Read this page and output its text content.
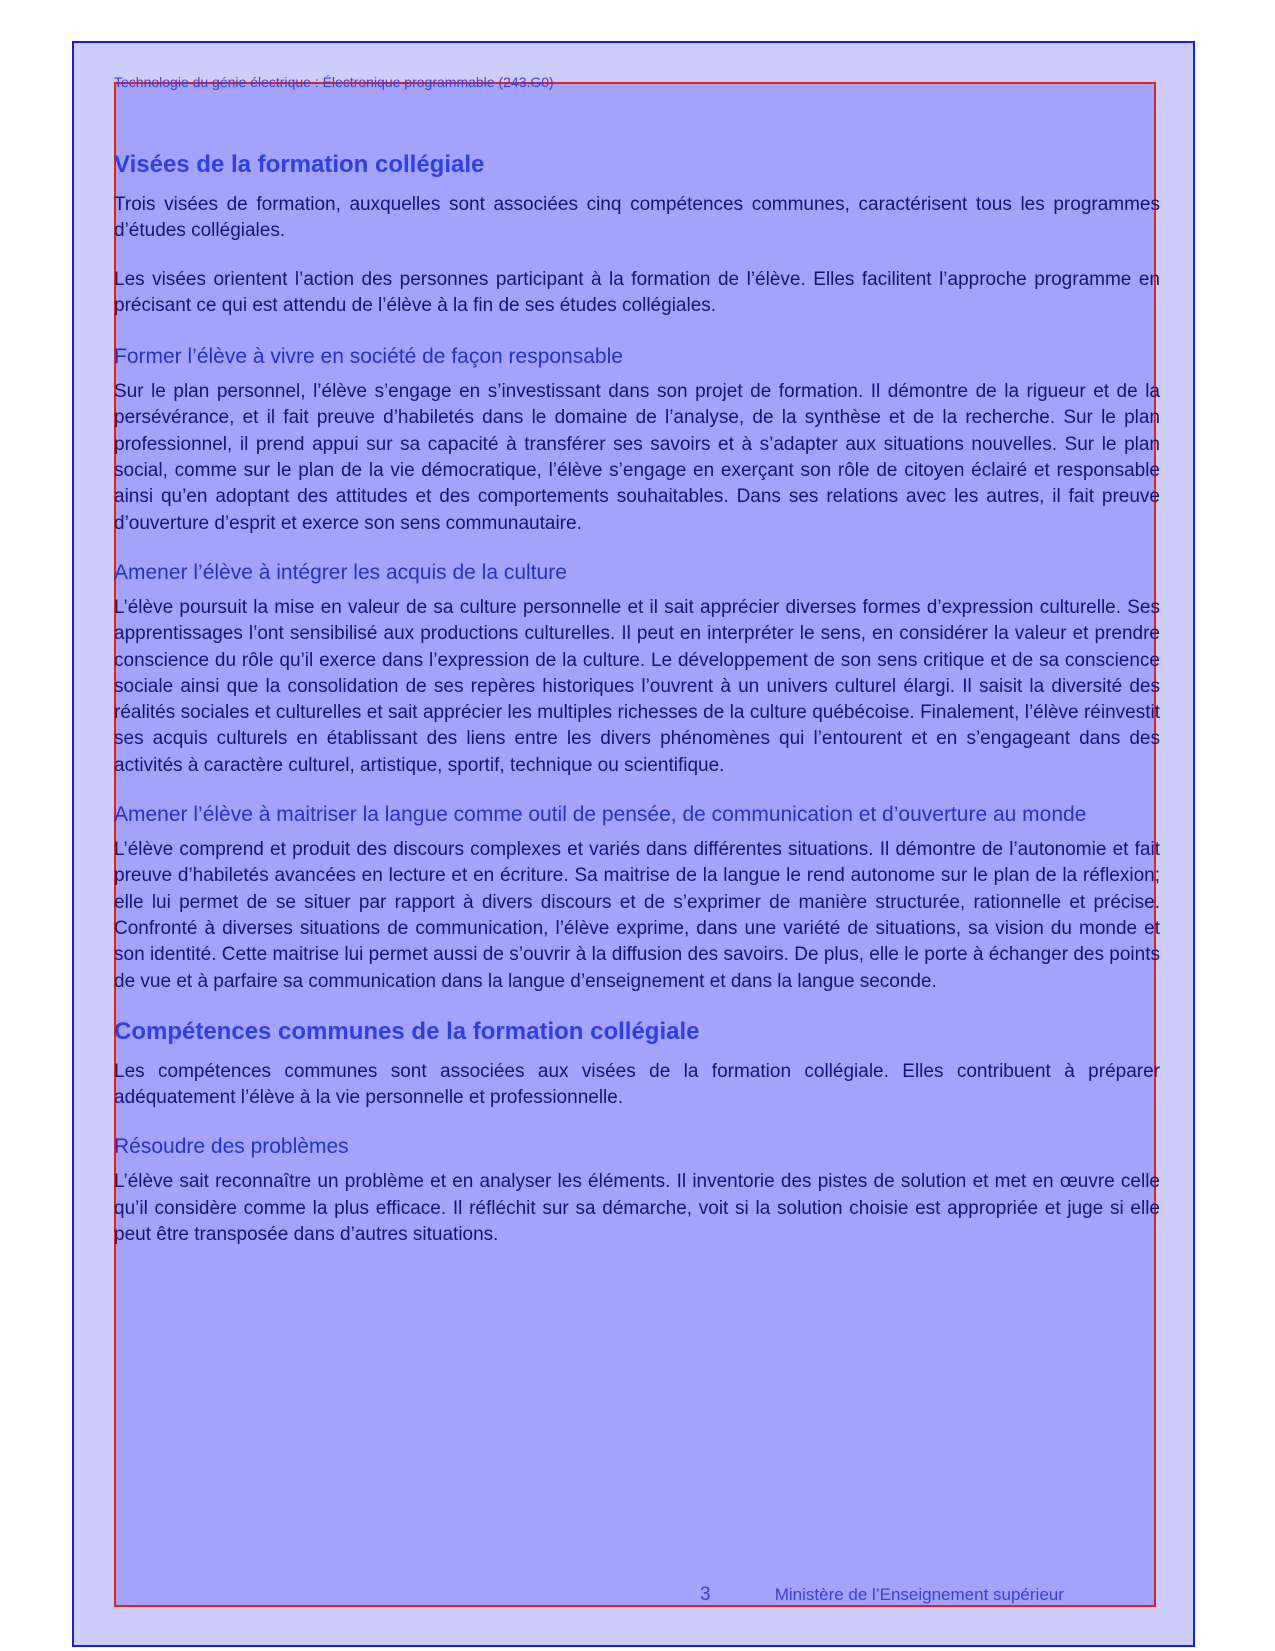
Technologie du génie électrique : Électronique programmable (243.G0)
Visées de la formation collégiale

Trois visées de formation, auxquelles sont associées cinq compétences communes, caractérisent tous les programmes d’études collégiales.

Les visées orientent l’action des personnes participant à la formation de l’élève. Elles facilitent l’approche programme en précisant ce qui est attendu de l’élève à la fin de ses études collégiales.

Former l’élève à vivre en société de façon responsable

Sur le plan personnel, l’élève s’engage en s’investissant dans son projet de formation. Il démontre de la rigueur et de la persévérance, et il fait preuve d’habiletés dans le domaine de l’analyse, de la synthèse et de la recherche. Sur le plan professionnel, il prend appui sur sa capacité à transférer ses savoirs et à s’adapter aux situations nouvelles. Sur le plan social, comme sur le plan de la vie démocratique, l’élève s’engage en exerçant son rôle de citoyen éclairé et responsable ainsi qu’en adoptant des attitudes et des comportements souhaitables. Dans ses relations avec les autres, il fait preuve d’ouverture d’esprit et exerce son sens communautaire.

Amener l’élève à intégrer les acquis de la culture

L’élève poursuit la mise en valeur de sa culture personnelle et il sait apprécier diverses formes d’expression culturelle. Ses apprentissages l’ont sensibilisé aux productions culturelles. Il peut en interpréter le sens, en considérer la valeur et prendre conscience du rôle qu’il exerce dans l’expression de la culture. Le développement de son sens critique et de sa conscience sociale ainsi que la consolidation de ses repères historiques l’ouvrent à un univers culturel élargi. Il saisit la diversité des réalités sociales et culturelles et sait apprécier les multiples richesses de la culture québécoise. Finalement, l’élève réinvestit ses acquis culturels en établissant des liens entre les divers phénomènes qui l’entourent et en s’engageant dans des activités à caractère culturel, artistique, sportif, technique ou scientifique.

Amener l’élève à maitriser la langue comme outil de pensée, de communication et d’ouverture au monde

L’élève comprend et produit des discours complexes et variés dans différentes situations. Il démontre de l’autonomie et fait preuve d’habiletés avancées en lecture et en écriture. Sa maitrise de la langue le rend autonome sur le plan de la réflexion; elle lui permet de se situer par rapport à divers discours et de s’exprimer de manière structurée, rationnelle et précise. Confronté à diverses situations de communication, l’élève exprime, dans une variété de situations, sa vision du monde et son identité. Cette maitrise lui permet aussi de s’ouvrir à la diffusion des savoirs. De plus, elle le porte à échanger des points de vue et à parfaire sa communication dans la langue d’enseignement et dans la langue seconde.

Compétences communes de la formation collégiale

Les compétences communes sont associées aux visées de la formation collégiale. Elles contribuent à préparer adéquatement l’élève à la vie personnelle et professionnelle.

Résoudre des problèmes

L’élève sait reconnaître un problème et en analyser les éléments. Il inventorie des pistes de solution et met en œuvre celle qu’il considère comme la plus efficace. Il réfléchit sur sa démarche, voit si la solution choisie est appropriée et juge si elle peut être transposée dans d’autres situations.

3	Ministère de l’Enseignement supérieur
